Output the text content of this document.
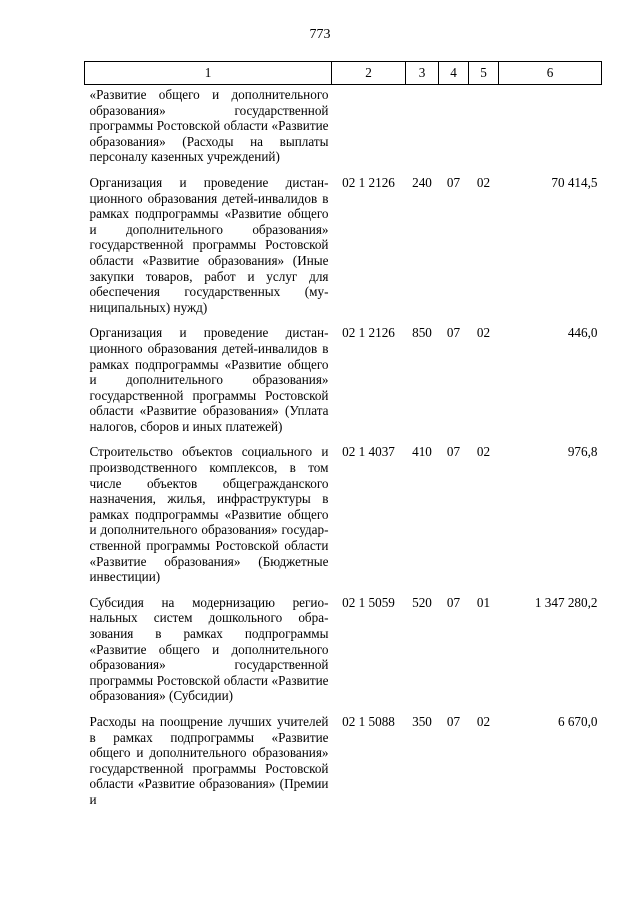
773
1	2	3	4	5	6
«Развитие общего и дополнительного образования» государственной программы Ростовской области «Развитие образования» (Расходы на выплаты персоналу казенных учреждений)					
Организация и проведение дистанционного образования детей-инвалидов в рамках подпрограммы «Развитие общего и дополнительного образования» государственной программы Ростовской области «Развитие образования» (Иные закупки товаров, работ и услуг для обеспечения государственных (муниципальных) нужд)	02 1 2126	240	07	02	70 414,5
Организация и проведение дистанционного образования детей-инвалидов в рамках подпрограммы «Развитие общего и дополнительного образования» государственной программы Ростовской области «Развитие образования» (Уплата налогов, сборов и иных платежей)	02 1 2126	850	07	02	446,0
Строительство объектов социального и производственного комплексов, в том числе объектов общегражданского назначения, жилья, инфраструктуры в рамках подпрограммы «Развитие общего и дополнительного образования» государственной программы Ростовской области «Развитие образования» (Бюджетные инвестиции)	02 1 4037	410	07	02	976,8
Субсидия на модернизацию региональных систем дошкольного образования в рамках подпрограммы «Развитие общего и дополнительного образования» государственной программы Ростовской области «Развитие образования» (Субсидии)	02 1 5059	520	07	01	1 347 280,2
Расходы на поощрение лучших учителей в рамках подпрограммы «Развитие общего и дополнительного образования» государственной программы Ростовской области «Развитие образования» (Премии и	02 1 5088	350	07	02	6 670,0
